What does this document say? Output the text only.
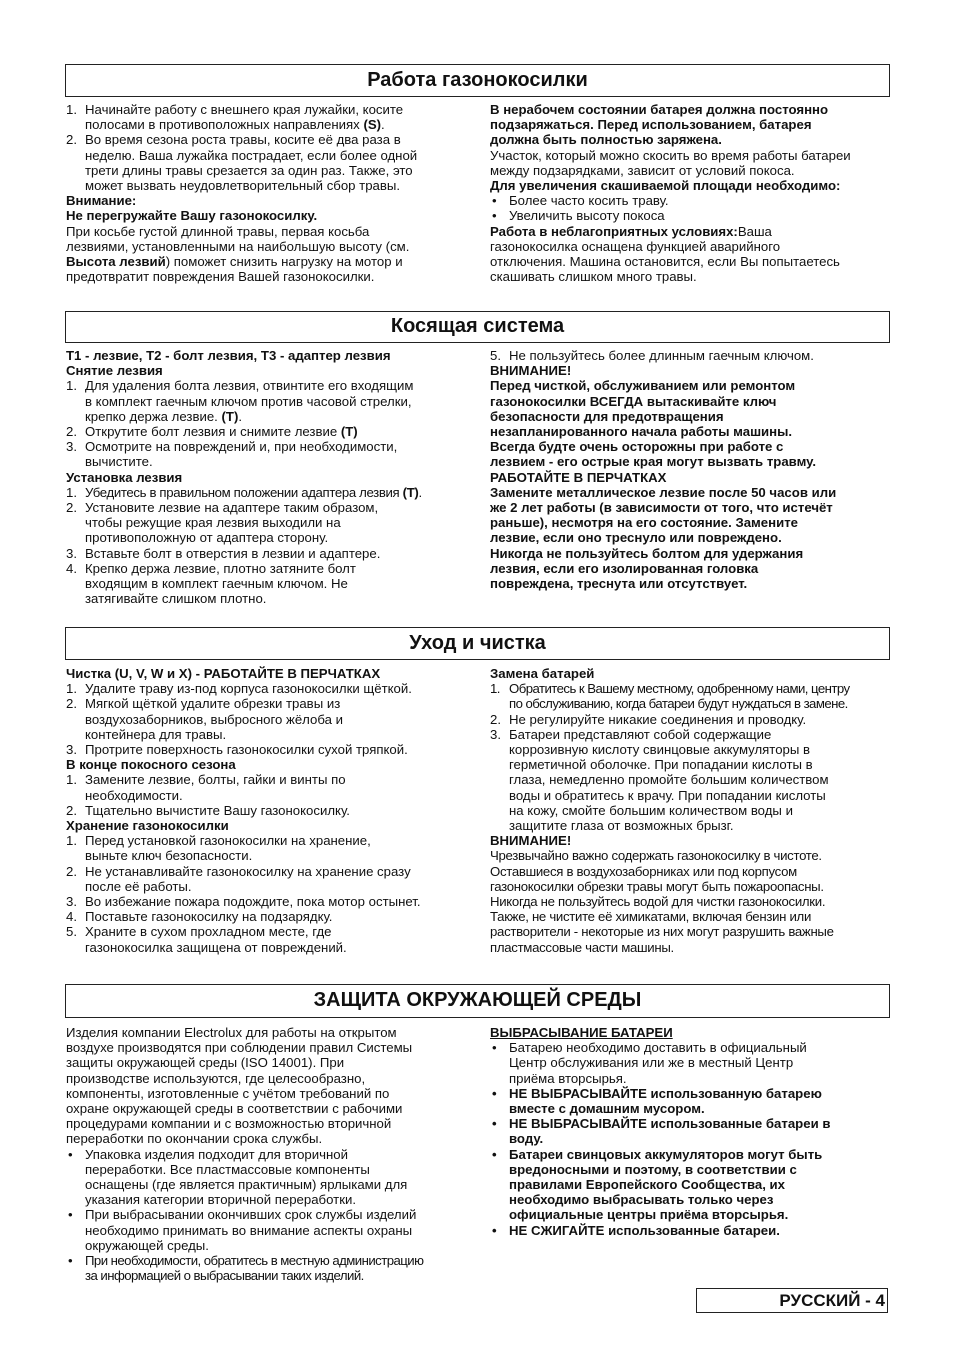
Работа газонокосилки
1. Начинайте работу с внешнего края лужайки, косите
полосами в противоположных направлениях (S).
2. Во время сезона роста травы, косите её два раза в
неделю. Ваша лужайка пострадает, если более одной
трети длины травы срезается за один раз. Также, это
может вызвать неудовлетворительный сбор травы.
Внимание:
Не перегружайте Вашу газонокосилку.
При косьбе густой длинной травы, первая косьба
лезвиями, установленными на наибольшую высоту (см.
Высота лезвий) поможет снизить нагрузку на мотор и
предотвратит повреждения Вашей газонокосилки.
В нерабочем состоянии батарея должна постоянно
подзаряжаться. Перед использованием, батарея
должна быть полностью заряжена.
Участок, который можно скосить во время работы батареи
между подзарядками, зависит от условий покоса.
Для увеличения скашиваемой площади необходимо:
• Более часто косить траву.
• Увеличить высоту покоса
Работа в неблагоприятных условиях:Ваша
газонокосилка оснащена функцией аварийного
отключения. Машина остановится, если Вы попытаетесь
скашивать слишком много травы.
Косящая система
T1 - лезвие, T2 - болт лезвия, T3 - адаптер лезвия
Снятие лезвия
1. Для удаления болта лезвия, отвинтите его входящим
в комплект гаечным ключом против часовой стрелки,
крепко держа лезвие. (T).
2. Открутите болт лезвия и снимите лезвие (T)
3. Осмотрите на повреждений и, при необходимости,
вычистите.
Установка лезвия
1. Убедитесь в правильном положении адаптера лезвия (T).
2. Установите лезвие на адаптере таким образом,
чтобы режущие края лезвия выходили на
противоположную от адаптера сторону.
3. Вставьте болт в отверстия в лезвии и адаптере.
4. Крепко держа лезвие, плотно затяните болт
входящим в комплект гаечным ключом. Не
затягивайте слишком плотно.
5. Не пользуйтесь более длинным гаечным ключом.
ВНИМАНИЕ!
Перед чисткой, обслуживанием или ремонтом
газонокосилки ВСЕГДА вытаскивайте ключ
безопасности для предотвращения
незапланированного начала работы машины.
Всегда будте очень осторожны при работе с
лезвием - его острые края могут вызвать травму.
РАБОТАЙТЕ В ПЕРЧАТКАХ
Замените металлическое лезвие после 50 часов или
же 2 лет работы (в зависимости от того, что истечёт
раньше), несмотря на его состояние. Замените
лезвие, если оно треснуло или повреждено.
Никогда не пользуйтесь болтом для удержания
лезвия, если его изолированная головка
повреждена, треснута или отсутствует.
Уход и чистка
Чистка (U, V, W и X) - РАБОТАЙТЕ В ПЕРЧАТКАХ
1. Удалите траву из-под корпуса газонокосилки щёткой.
2. Мягкой щёткой удалите обрезки травы из
воздухозаборников, выбросного жёлоба и
контейнера для травы.
3. Протрите поверхность газонокосилки сухой тряпкой.
В конце покосного сезона
1. Замените лезвие, болты, гайки и винты по
необходимости.
2. Тщательно вычистите Вашу газонокосилку.
Хранение газонокосилки
1. Перед установкой газонокосилки на хранение,
выньте ключ безопасности.
2. Не устанавливайте газонокосилку на хранение сразу
после её работы.
3. Во избежание пожара подождите, пока мотор остынет.
4. Поставьте газонокосилку на подзарядку.
5. Храните в сухом прохладном месте, где
газонокосилка защищена от повреждений.
Замена батарей
1. Обратитесь к Вашему местному, одобренному нами, центру
по обслуживанию, когда батареи будут нуждаться в замене.
2. Не регулируйте никакие соединения и проводку.
3. Батареи представляют собой содержащие
коррозивную кислоту свинцовые аккумуляторы в
герметичной оболочке. При попадании кислоты в
глаза, немедленно промойте большим количеством
воды и обратитесь к врачу. При попадании кислоты
на кожу, смойте большим количеством воды и
защитите глаза от возможных брызг.
ВНИМАНИЕ!
Чрезвычайно важно содержать газонокосилку в чистоте.
Оставшиеся в воздухозаборниках или под корпусом
газонокосилки обрезки травы могут быть пожароопасны.
Никогда не пользуйтесь водой для чистки газонокосилки.
Также, не чистите её химикатами, включая бензин или
растворители - некоторые из них могут разрушить важные
пластмассовые части машины.
ЗАЩИТА ОКРУЖАЮЩЕЙ СРЕДЫ
Изделия компании Electrolux для работы на открытом
воздухе производятся при соблюдении правил Системы
защиты окружающей среды (ISO 14001). При
производстве используются, где целесообразно,
компоненты, изготовленные с учётом требований по
охране окружающей среды в соответствии с рабочими
процедурами компании и с возможностью вторичной
переработки по окончании срока службы.
• Упаковка изделия подходит для вторичной
переработки. Все пластмассовые компоненты
оснащены (где является практичным) ярлыками для
указания категории вторичной переработки.
• При выбрасывании окончивших срок службы изделий
необходимо принимать во внимание аспекты охраны
окружающей среды.
• При необходимости, обратитесь в местную администрацию
за информацией о выбрасывании таких изделий.
ВЫБРАСЫВАНИЕ БАТАРЕИ
• Батарею необходимо доставить в официальный
Центр обслуживания или же в местный Центр
приёма вторсырья.
• НЕ ВЫБРАСЫВАЙТЕ использованную батарею
вместе с домашним мусором.
• НЕ ВЫБРАСЫВАЙТЕ использованные батареи в
воду.
• Батареи свинцовых аккумуляторов могут быть
вредоносными и поэтому, в соответствии с
правилами Европейского Сообщества, их
необходимо выбрасывать только через
официальные центры приёма вторсырья.
• НЕ СЖИГАЙТЕ использованные батареи.
РУССКИЙ - 4
